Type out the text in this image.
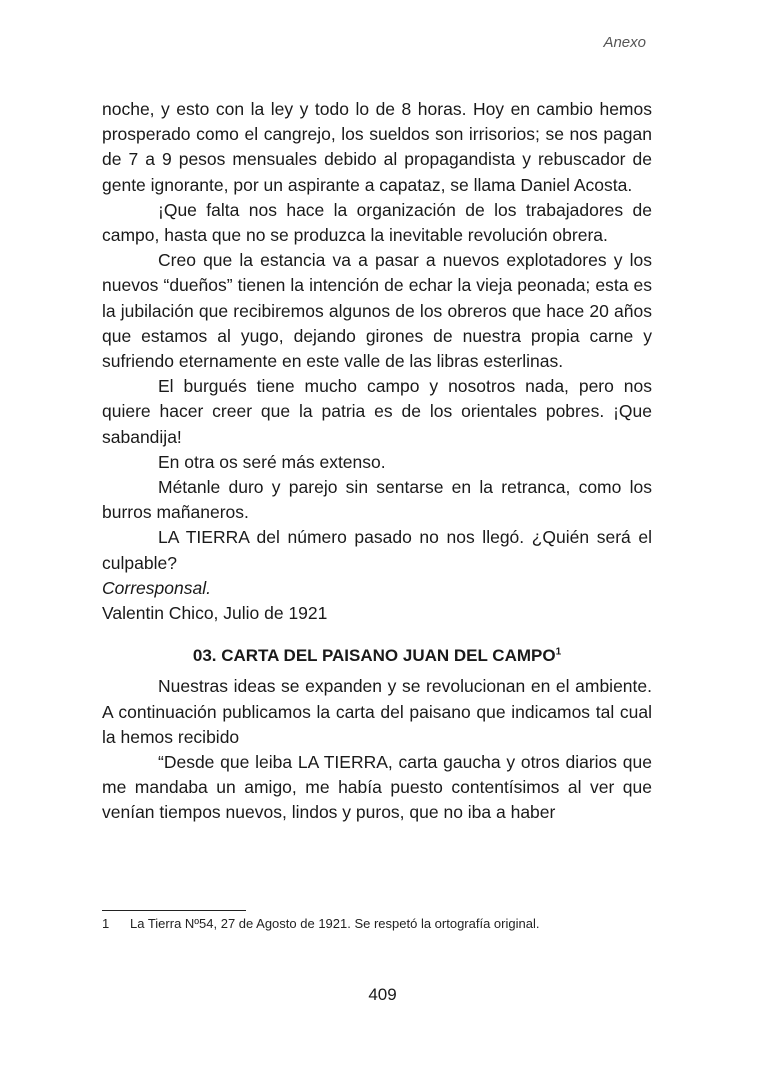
Anexo

noche, y esto con la ley y todo lo de 8 horas. Hoy en cambio hemos prosperado como el cangrejo, los sueldos son irrisorios; se nos pagan de 7 a 9 pesos mensuales debido al propagandista y rebuscador de gente ignorante, por un aspirante a capataz, se llama Daniel Acosta.

¡Que falta nos hace la organización de los trabajadores de campo, hasta que no se produzca la inevitable revolución obrera.

Creo que la estancia va a pasar a nuevos explotadores y los nuevos “dueños” tienen la intención de echar la vieja peonada; esta es la jubilación que recibiremos algunos de los obreros que hace 20 años que estamos al yugo, dejando girones de nuestra propia carne y sufriendo eternamente en este valle de las libras esterlinas.

El burgués tiene mucho campo y nosotros nada, pero nos quiere hacer creer que la patria es de los orientales pobres. ¡Que sabandija!

En otra os seré más extenso.

Métanle duro y parejo sin sentarse en la retranca, como los burros mañaneros.

LA TIERRA del número pasado no nos llegó. ¿Quién será el culpable?

Corresponsal.

Valentin Chico, Julio de 1921

03. CARTA DEL PAISANO JUAN DEL CAMPO$^1$

Nuestras ideas se expanden y se revolucionan en el ambiente. A continuación publicamos la carta del paisano que indicamos tal cual la hemos recibido

“Desde que leiba LA TIERRA, carta gaucha y otros diarios que me mandaba un amigo, me había puesto contentísimos al ver que venían tiempos nuevos, lindos y puros, que no iba a haber

1 La Tierra Nº54, 27 de Agosto de 1921. Se respetó la ortografía original.
409
